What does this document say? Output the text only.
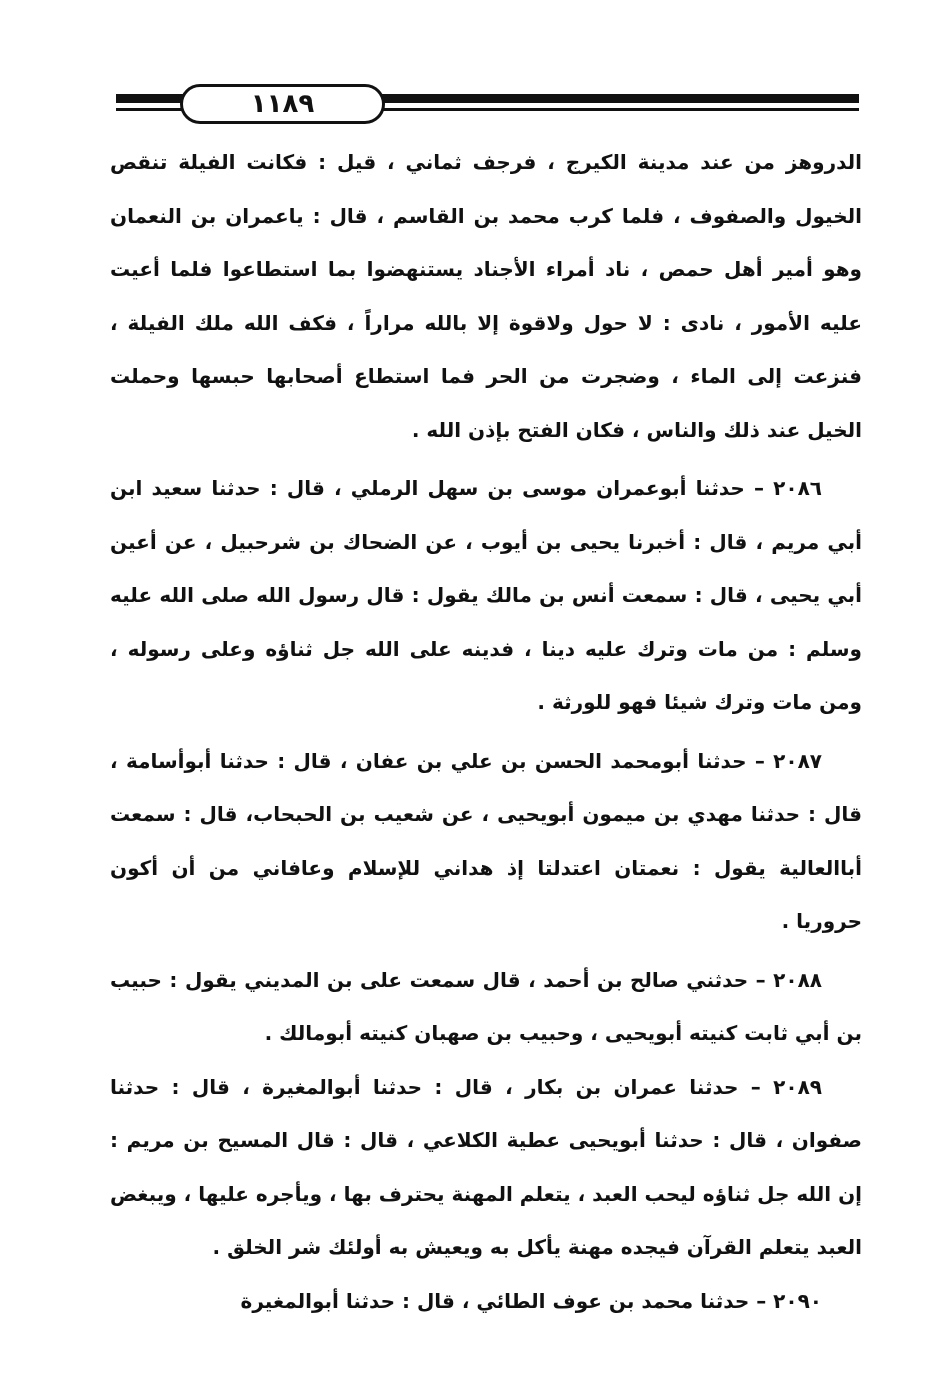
١١٨٩

الدروهز من عند مدينة الكيرج ، فرجف ثماني ، قيل : فكانت الفيلة تنقص الخيول والصفوف ، فلما كرب محمد بن القاسم ، قال : ياعمران بن النعمان وهو أمير أهل حمص ، ناد أمراء الأجناد يستنهضوا بما استطاعوا فلما أعيت عليه الأمور ، نادى : لا حول ولاقوة إلا بالله مراراً ، فكف الله ملك الفيلة ، فنزعت إلى الماء ، وضجرت من الحر فما استطاع أصحابها حبسها وحملت الخيل عند ذلك والناس ، فكان الفتح بإذن الله .

٢٠٨٦ – حدثنا أبوعمران موسى بن سهل الرملي ، قال : حدثنا سعيد ابن أبي مريم ، قال : أخبرنا يحيى بن أيوب ، عن الضحاك بن شرحبيل ، عن أعين أبي يحيى ، قال : سمعت أنس بن مالك يقول : قال رسول الله صلى الله عليه وسلم : من مات وترك عليه دينا ، فدينه على الله جل ثناؤه وعلى رسوله ، ومن مات وترك شيئا فهو للورثة .

٢٠٨٧ – حدثنا أبومحمد الحسن بن علي بن عفان ، قال : حدثنا أبوأسامة ، قال : حدثنا مهدي بن ميمون أبويحيى ، عن شعيب بن الحبحاب، قال : سمعت أباالعالية يقول : نعمتان اعتدلتا إذ هداني للإسلام وعافاني من أن أكون حروريا .

٢٠٨٨ – حدثني صالح بن أحمد ، قال سمعت على بن المديني يقول : حبيب بن أبي ثابت كنيته أبويحيى ، وحبيب بن صهبان كنيته أبومالك .

٢٠٨٩ – حدثنا عمران بن بكار ، قال : حدثنا أبوالمغيرة ، قال : حدثنا صفوان ، قال : حدثنا أبويحيى عطية الكلاعي ، قال : قال المسيح بن مريم : إن الله جل ثناؤه ليحب العبد ، يتعلم المهنة يحترف بها ، ويأجره عليها ، ويبغض العبد يتعلم القرآن فيجده مهنة يأكل به ويعيش به أولئك شر الخلق .

٢٠٩٠ – حدثنا محمد بن عوف الطائي ، قال : حدثنا أبوالمغيرة
